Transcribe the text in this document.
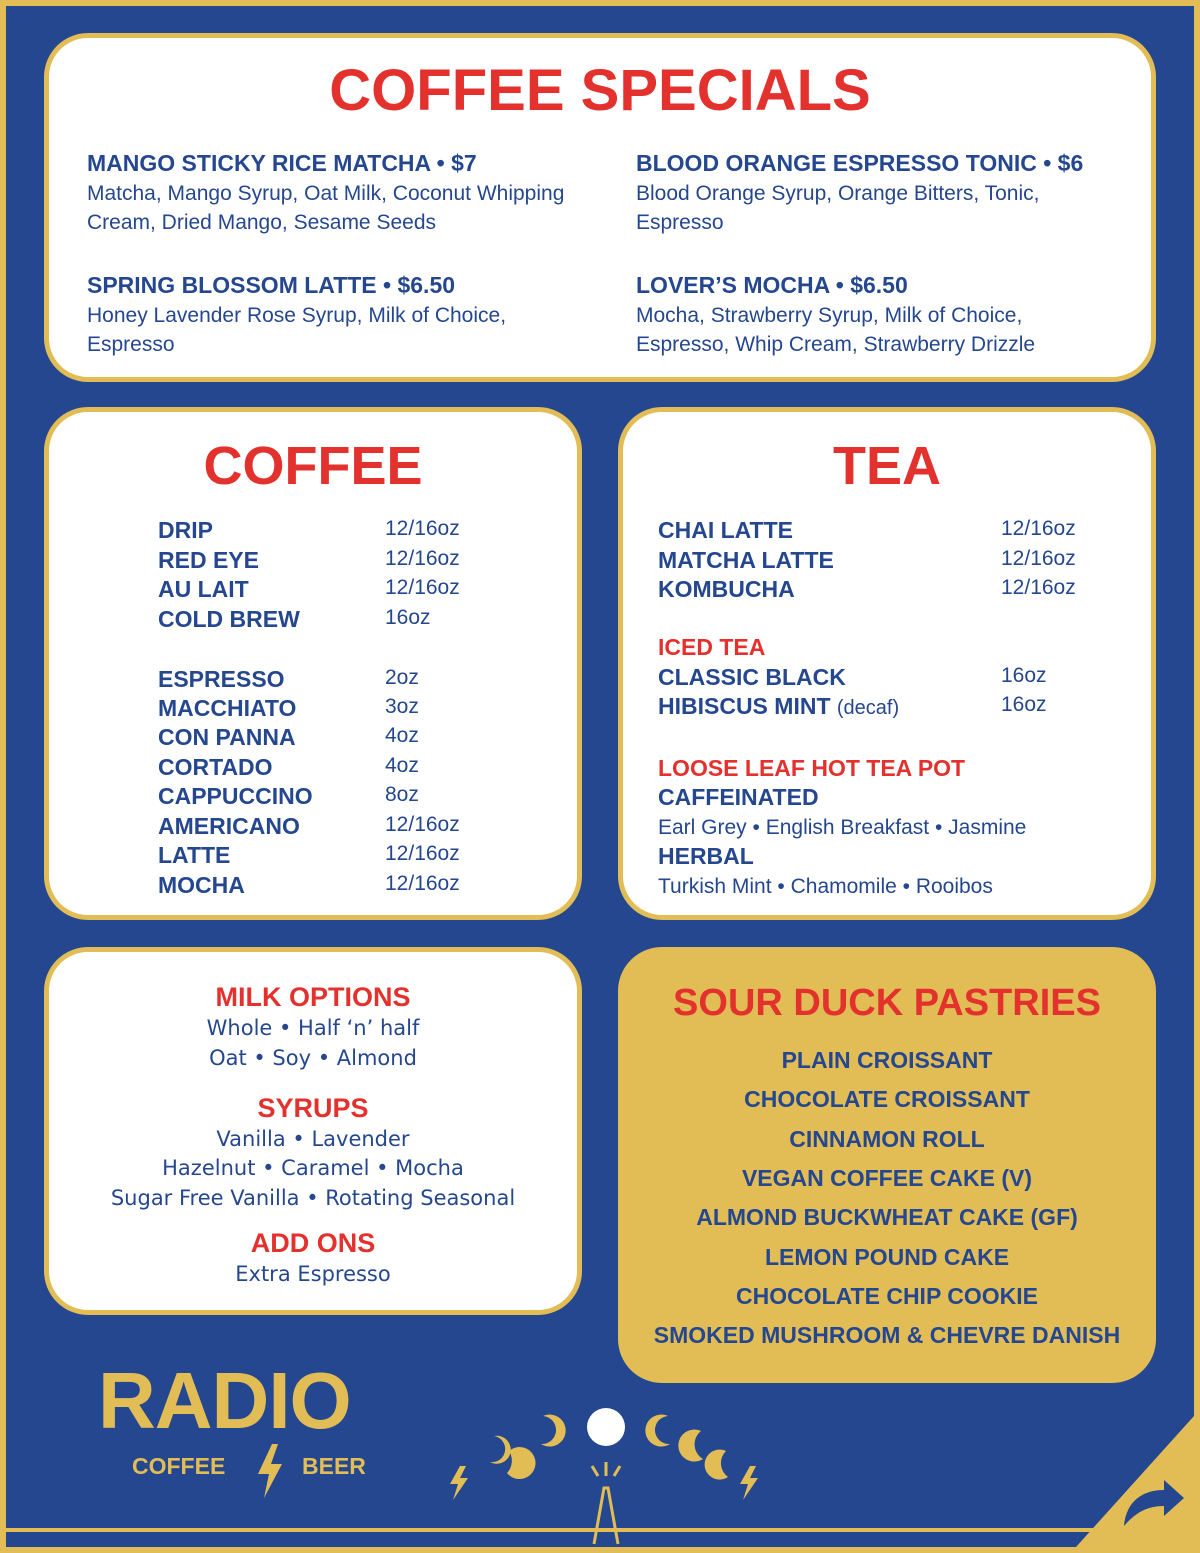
COFFEE SPECIALS
MANGO STICKY RICE MATCHA • $7
Matcha, Mango Syrup, Oat Milk, Coconut Whipping Cream, Dried Mango, Sesame Seeds
BLOOD ORANGE ESPRESSO TONIC • $6
Blood Orange Syrup, Orange Bitters, Tonic, Espresso
SPRING BLOSSOM LATTE • $6.50
Honey Lavender Rose Syrup, Milk of Choice, Espresso
LOVER’S MOCHA • $6.50
Mocha, Strawberry Syrup, Milk of Choice, Espresso, Whip Cream, Strawberry Drizzle
COFFEE
DRIP	12/16oz
RED EYE	12/16oz
AU LAIT	12/16oz
COLD BREW	16oz
ESPRESSO	2oz
MACCHIATO	3oz
CON PANNA	4oz
CORTADO	4oz
CAPPUCCINO	8oz
AMERICANO	12/16oz
LATTE	12/16oz
MOCHA	12/16oz
TEA
CHAI LATTE	12/16oz
MATCHA LATTE	12/16oz
KOMBUCHA	12/16oz
ICED TEA
CLASSIC BLACK	16oz
HIBISCUS MINT (decaf)	16oz
LOOSE LEAF HOT TEA POT
CAFFEINATED
Earl Grey • English Breakfast • Jasmine
HERBAL
Turkish Mint • Chamomile • Rooibos
MILK OPTIONS
Whole • Half ‘n’ half
Oat • Soy • Almond
SYRUPS
Vanilla • Lavender
Hazelnut • Caramel • Mocha
Sugar Free Vanilla • Rotating Seasonal
ADD ONS
Extra Espresso
SOUR DUCK PASTRIES
PLAIN CROISSANT
CHOCOLATE CROISSANT
CINNAMON ROLL
VEGAN COFFEE CAKE (V)
ALMOND BUCKWHEAT CAKE (GF)
LEMON POUND CAKE
CHOCOLATE CHIP COOKIE
SMOKED MUSHROOM & CHEVRE DANISH
RADIO
COFFEE	BEER
